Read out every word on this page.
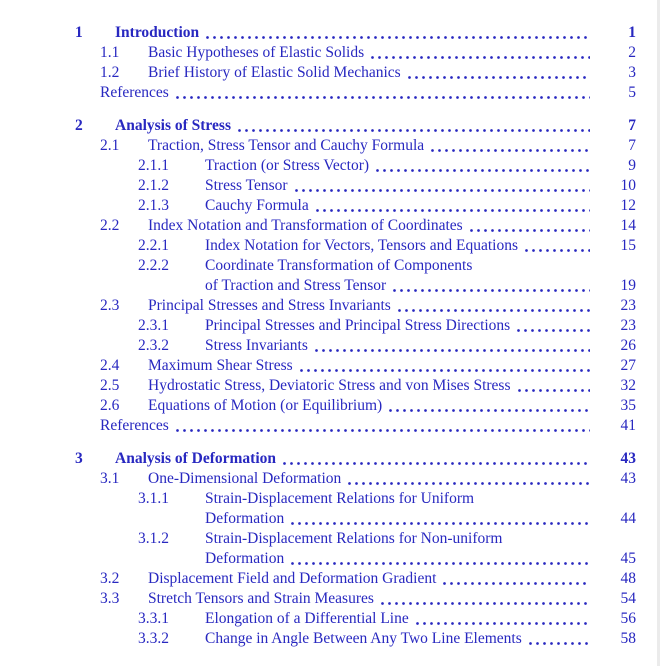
1	Introduction	1
1.1	Basic Hypotheses of Elastic Solids	2
1.2	Brief History of Elastic Solid Mechanics	3
References	5
2	Analysis of Stress	7
2.1	Traction, Stress Tensor and Cauchy Formula	7
2.1.1	Traction (or Stress Vector)	9
2.1.2	Stress Tensor	10
2.1.3	Cauchy Formula	12
2.2	Index Notation and Transformation of Coordinates	14
2.2.1	Index Notation for Vectors, Tensors and Equations	15
2.2.2	Coordinate Transformation of Components
of Traction and Stress Tensor	19
2.3	Principal Stresses and Stress Invariants	23
2.3.1	Principal Stresses and Principal Stress Directions	23
2.3.2	Stress Invariants	26
2.4	Maximum Shear Stress	27
2.5	Hydrostatic Stress, Deviatoric Stress and von Mises Stress	32
2.6	Equations of Motion (or Equilibrium)	35
References	41
3	Analysis of Deformation	43
3.1	One-Dimensional Deformation	43
3.1.1	Strain-Displacement Relations for Uniform
Deformation	44
3.1.2	Strain-Displacement Relations for Non-uniform
Deformation	45
3.2	Displacement Field and Deformation Gradient	48
3.3	Stretch Tensors and Strain Measures	54
3.3.1	Elongation of a Differential Line	56
3.3.2	Change in Angle Between Any Two Line Elements	58
